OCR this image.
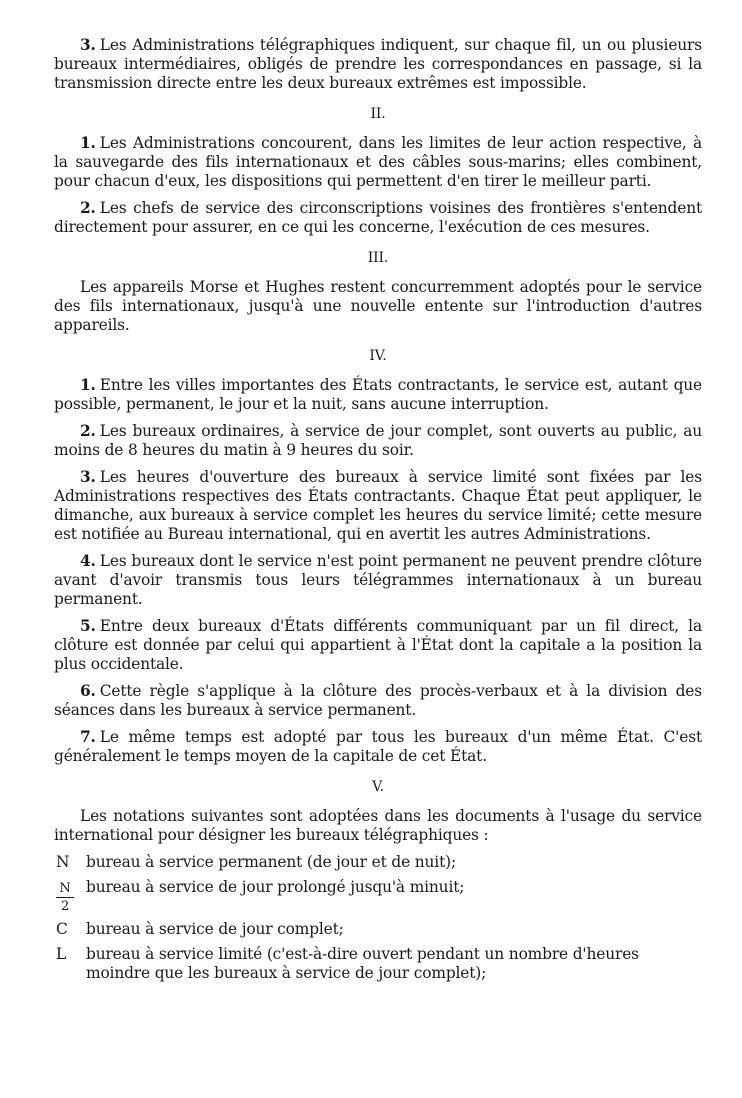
3. Les Administrations télégraphiques indiquent, sur chaque fil, un ou plusieurs bureaux intermédiaires, obligés de prendre les correspondances en passage, si la transmission directe entre les deux bureaux extrêmes est impossible.

II.

1. Les Administrations concourent, dans les limites de leur action respective, à la sauvegarde des fils internationaux et des câbles sous-marins; elles combinent, pour chacun d'eux, les dispositions qui permettent d'en tirer le meilleur parti.

2. Les chefs de service des circonscriptions voisines des frontières s'entendent directement pour assurer, en ce qui les concerne, l'exécution de ces mesures.

III.

Les appareils Morse et Hughes restent concurremment adoptés pour le service des fils internationaux, jusqu'à une nouvelle entente sur l'introduction d'autres appareils.

IV.

1. Entre les villes importantes des États contractants, le service est, autant que possible, permanent, le jour et la nuit, sans aucune interruption.

2. Les bureaux ordinaires, à service de jour complet, sont ouverts au public, au moins de 8 heures du matin à 9 heures du soir.

3. Les heures d'ouverture des bureaux à service limité sont fixées par les Administrations respectives des États contractants. Chaque État peut appliquer, le dimanche, aux bureaux à service complet les heures du service limité; cette mesure est notifiée au Bureau international, qui en avertit les autres Administrations.

4. Les bureaux dont le service n'est point permanent ne peuvent prendre clôture avant d'avoir transmis tous leurs télégrammes internationaux à un bureau permanent.

5. Entre deux bureaux d'États différents communiquant par un fil direct, la clôture est donnée par celui qui appartient à l'État dont la capitale a la position la plus occidentale.

6. Cette règle s'applique à la clôture des procès-verbaux et à la division des séances dans les bureaux à service permanent.

7. Le même temps est adopté par tous les bureaux d'un même État. C'est généralement le temps moyen de la capitale de cet État.

V.

Les notations suivantes sont adoptées dans les documents à l'usage du service international pour désigner les bureaux télégraphiques :

N	bureau à service permanent (de jour et de nuit);
$\frac{N}{2}$ bureau à service de jour prolongé jusqu'à minuit;
C	bureau à service de jour complet;
L	bureau à service limité (c'est-à-dire ouvert pendant un nombre d'heures moindre que les bureaux à service de jour complet);
